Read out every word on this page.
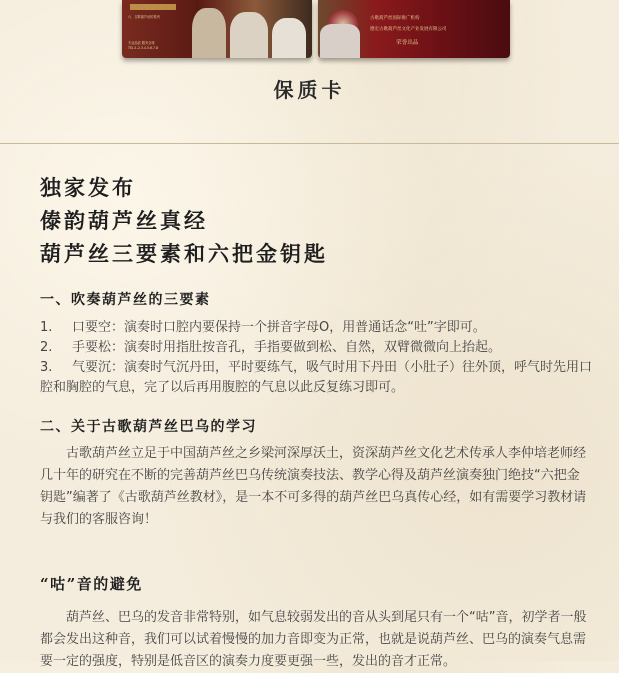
六、古歌葫芦丝的系列
专业品质 服务全球
TEL:1.2.3.4.5.6.7.8
古歌葫芦丝国际推广机构
德宏古歌葫芦丝文化产业发展有限公司
荣誉出品
保质卡
独家发布
傣韵葫芦丝真经
葫芦丝三要素和六把金钥匙
一、吹奏葫芦丝的三要素
1. 口要空：演奏时口腔内要保持一个拼音字母O，用普通话念“吐”字即可。
2. 手要松：演奏时用指肚按音孔，手指要做到松、自然，双臂微微向上抬起。
3. 气要沉：演奏时气沉丹田，平时要练气，吸气时用下丹田（小肚子）往外顶，呼气时先用口腔和胸腔的气息，完了以后再用腹腔的气息以此反复练习即可。
二、关于古歌葫芦丝巴乌的学习

古歌葫芦丝立足于中国葫芦丝之乡梁河深厚沃土，资深葫芦丝文化艺术传承人李仲培老师经几十年的研究在不断的完善葫芦丝巴乌传统演奏技法、教学心得及葫芦丝演奏独门绝技“六把金钥匙”编著了《古歌葫芦丝教材》，是一本不可多得的葫芦丝巴乌真传心经，如有需要学习教材请与我们的客服咨询！

“咕”音的避免

葫芦丝、巴乌的发音非常特别，如气息较弱发出的音从头到尾只有一个“咕”音，初学者一般都会发出这种音，我们可以试着慢慢的加力音即变为正常，也就是说葫芦丝、巴乌的演奏气息需要一定的强度，特别是低音区的演奏力度要更强一些，发出的音才正常。
